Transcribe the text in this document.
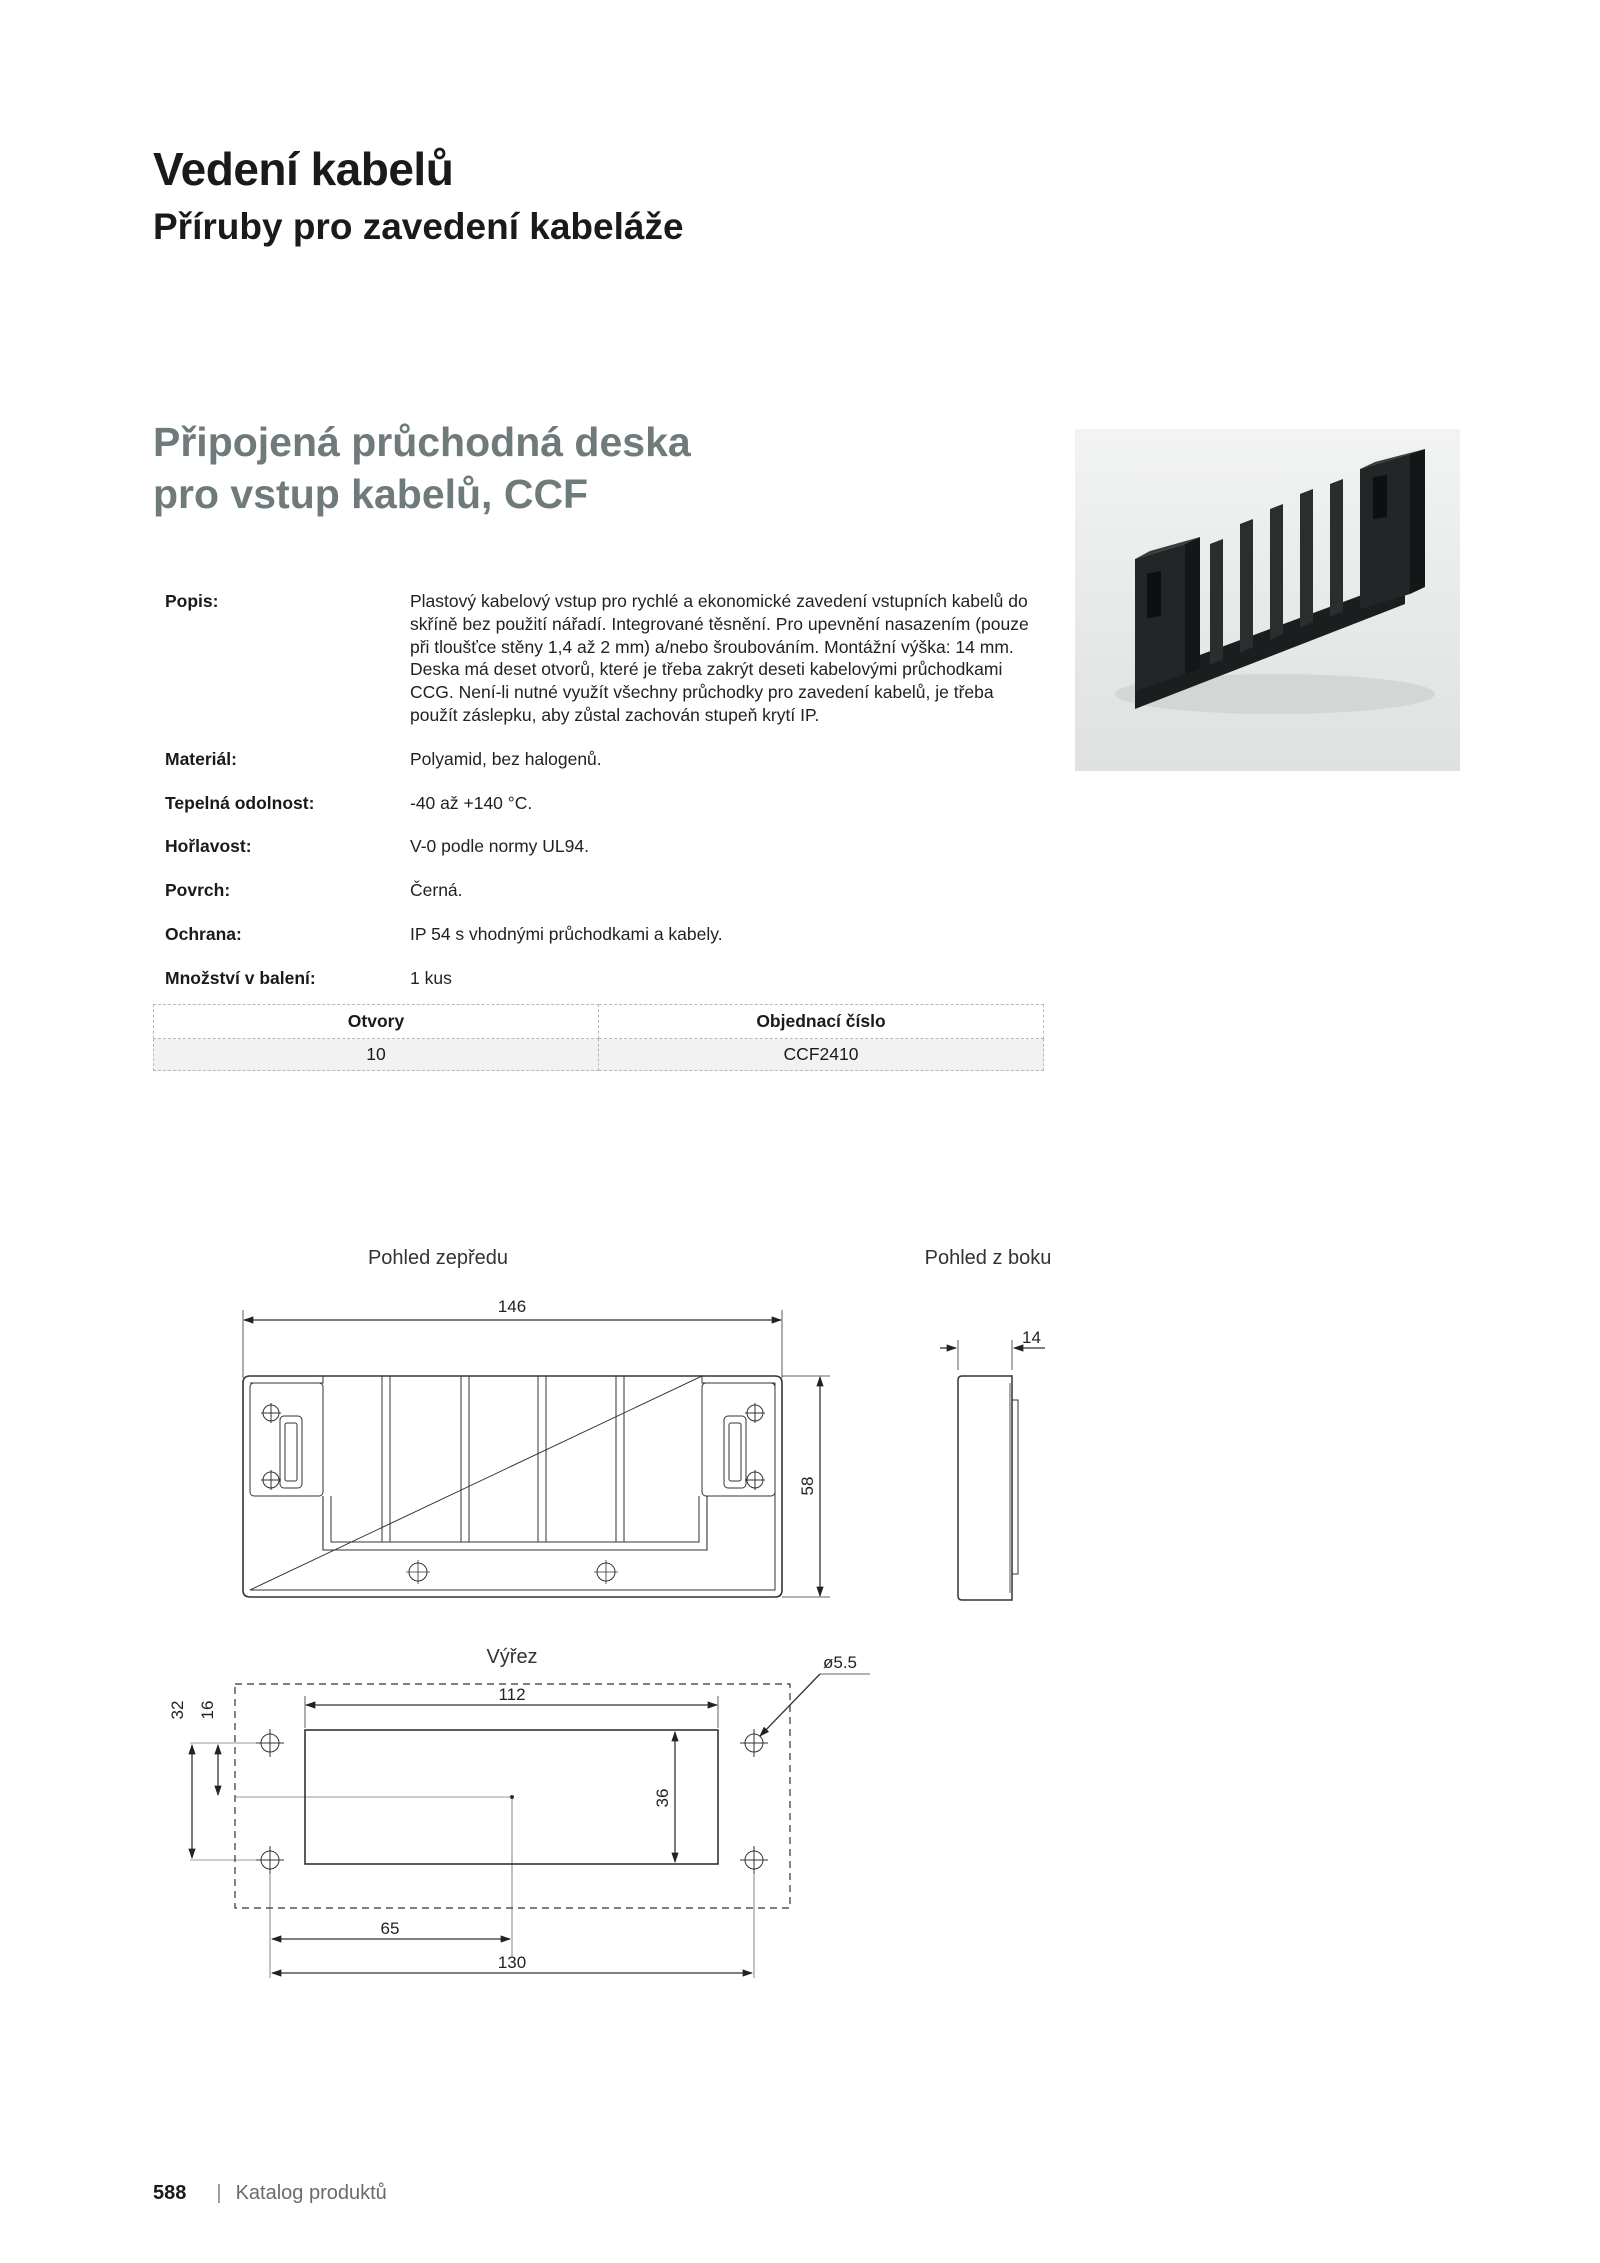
Vedení kabelů
Příruby pro zavedení kabeláže
Připojená průchodná deska
pro vstup kabelů, CCF
Popis:	Plastový kabelový vstup pro rychlé a ekonomické zavedení vstupních kabelů do skříně bez použití nářadí. Integrované těsnění. Pro upevnění nasazením (pouze při tloušťce stěny 1,4 až 2 mm) a/nebo šroubováním. Montážní výška: 14 mm. Deska má deset otvorů, které je třeba zakrýt deseti kabelovými průchodkami CCG. Není-li nutné využít všechny průchodky pro zavedení kabelů, je třeba použít záslepku, aby zůstal zachován stupeň krytí IP.
Materiál:	Polyamid, bez halogenů.
Tepelná odolnost:	-40 až +140 °C.
Hořlavost:	V-0 podle normy UL94.
Povrch:	Černá.
Ochrana:	IP 54 s vhodnými průchodkami a kabely.
Množství v balení:	1 kus
Otvory	Objednací číslo
10	CCF2410
Pohled zepředu
146
58
Pohled z boku
14
Výřez
112
36
ø5.5
32 16
65
130
588 | Katalog produktů
